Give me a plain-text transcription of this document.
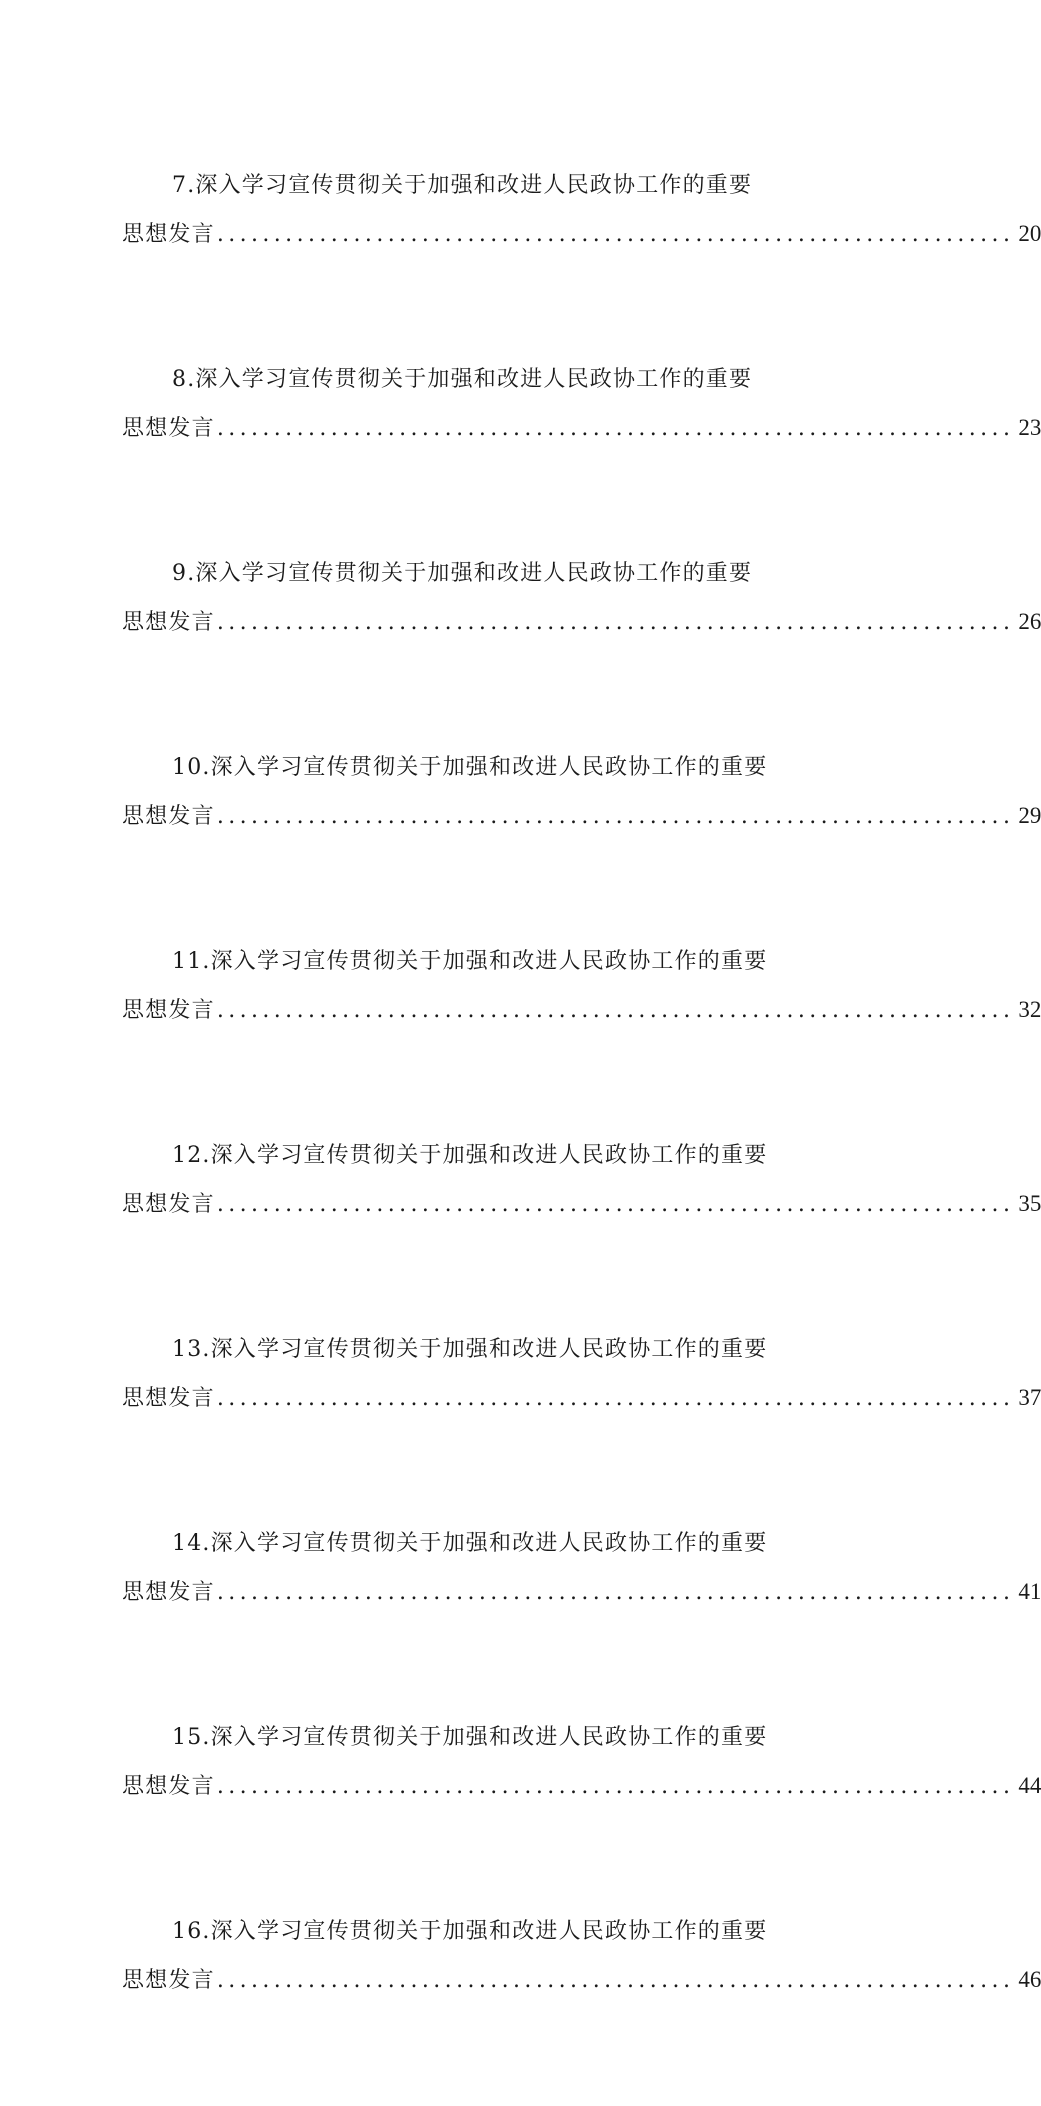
7.深入学习宣传贯彻关于加强和改进人民政协工作的重要
思想发言 ...................................................................... 20
8.深入学习宣传贯彻关于加强和改进人民政协工作的重要
思想发言 ...................................................................... 23
9.深入学习宣传贯彻关于加强和改进人民政协工作的重要
思想发言 ...................................................................... 26
10.深入学习宣传贯彻关于加强和改进人民政协工作的重要
思想发言 ...................................................................... 29
11.深入学习宣传贯彻关于加强和改进人民政协工作的重要
思想发言 ...................................................................... 32
12.深入学习宣传贯彻关于加强和改进人民政协工作的重要
思想发言 ...................................................................... 35
13.深入学习宣传贯彻关于加强和改进人民政协工作的重要
思想发言 ...................................................................... 37
14.深入学习宣传贯彻关于加强和改进人民政协工作的重要
思想发言 ...................................................................... 41
15.深入学习宣传贯彻关于加强和改进人民政协工作的重要
思想发言 ...................................................................... 44
16.深入学习宣传贯彻关于加强和改进人民政协工作的重要
思想发言 ...................................................................... 46
